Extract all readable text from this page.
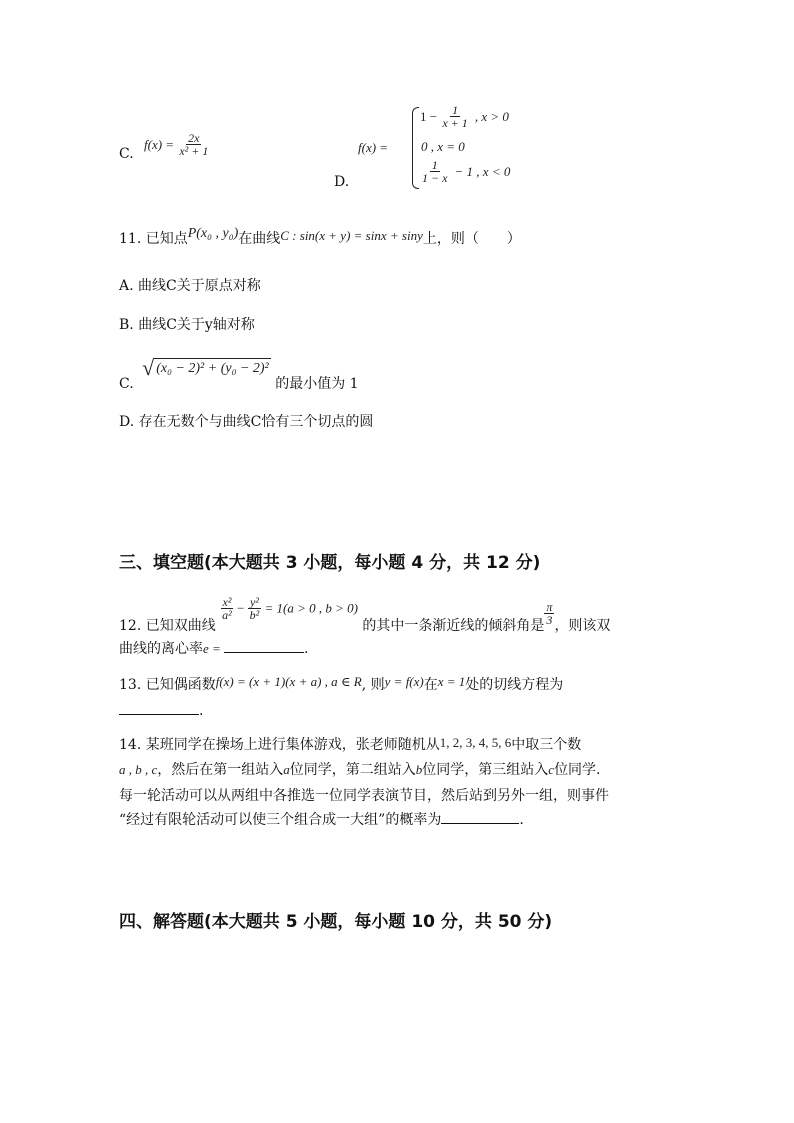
C.
$f(x) = \frac{2x}{\text{x² + 1}}$	f(x) =
$1 - \frac{1}{x + 1}$ , x > 0
0 , x = 0
$\frac{1}{1 - x} - 1$ , x < 0
D.
11. 已知点P(x₀ , y₀)在曲线C : sin(x + y) = sinx + siny上，则（　　）
A. 曲线C关于原点对称
B. 曲线C关于y轴对称
C. √ (x₀ − 2)² + (y₀ − 2)² 的最小值为 1
D. 存在无数个与曲线C恰有三个切点的圆
三、填空题(本大题共 3 小题，每小题 4 分，共 12 分)
12. 已知双曲线
$\frac{\text{x²}}{\text{a²}} - \frac{\text{y²}}{\text{b²}} = 1(a > 0$ , b > 0) 的其中一条渐近线的倾斜角是 $\frac{\pi}{3}$ ，则该双
曲线的离心率e =	.
13. 已知偶函数f(x) = (x + 1)(x + a) , a ∈ R, 则y = f(x)在x = 1处的切线方程为
.
14. 某班同学在操场上进行集体游戏，张老师随机从1, 2, 3, 4, 5, 6中取三个数
a , b , c，然后在第一组站入a位同学，第二组站入b位同学，第三组站入c位同学.
每一轮活动可以从两组中各推选一位同学表演节目，然后站到另外一组，则事件
“经过有限轮活动可以使三个组合成一大组”的概率为	.
四、解答题(本大题共 5 小题，每小题 10 分，共 50 分)
